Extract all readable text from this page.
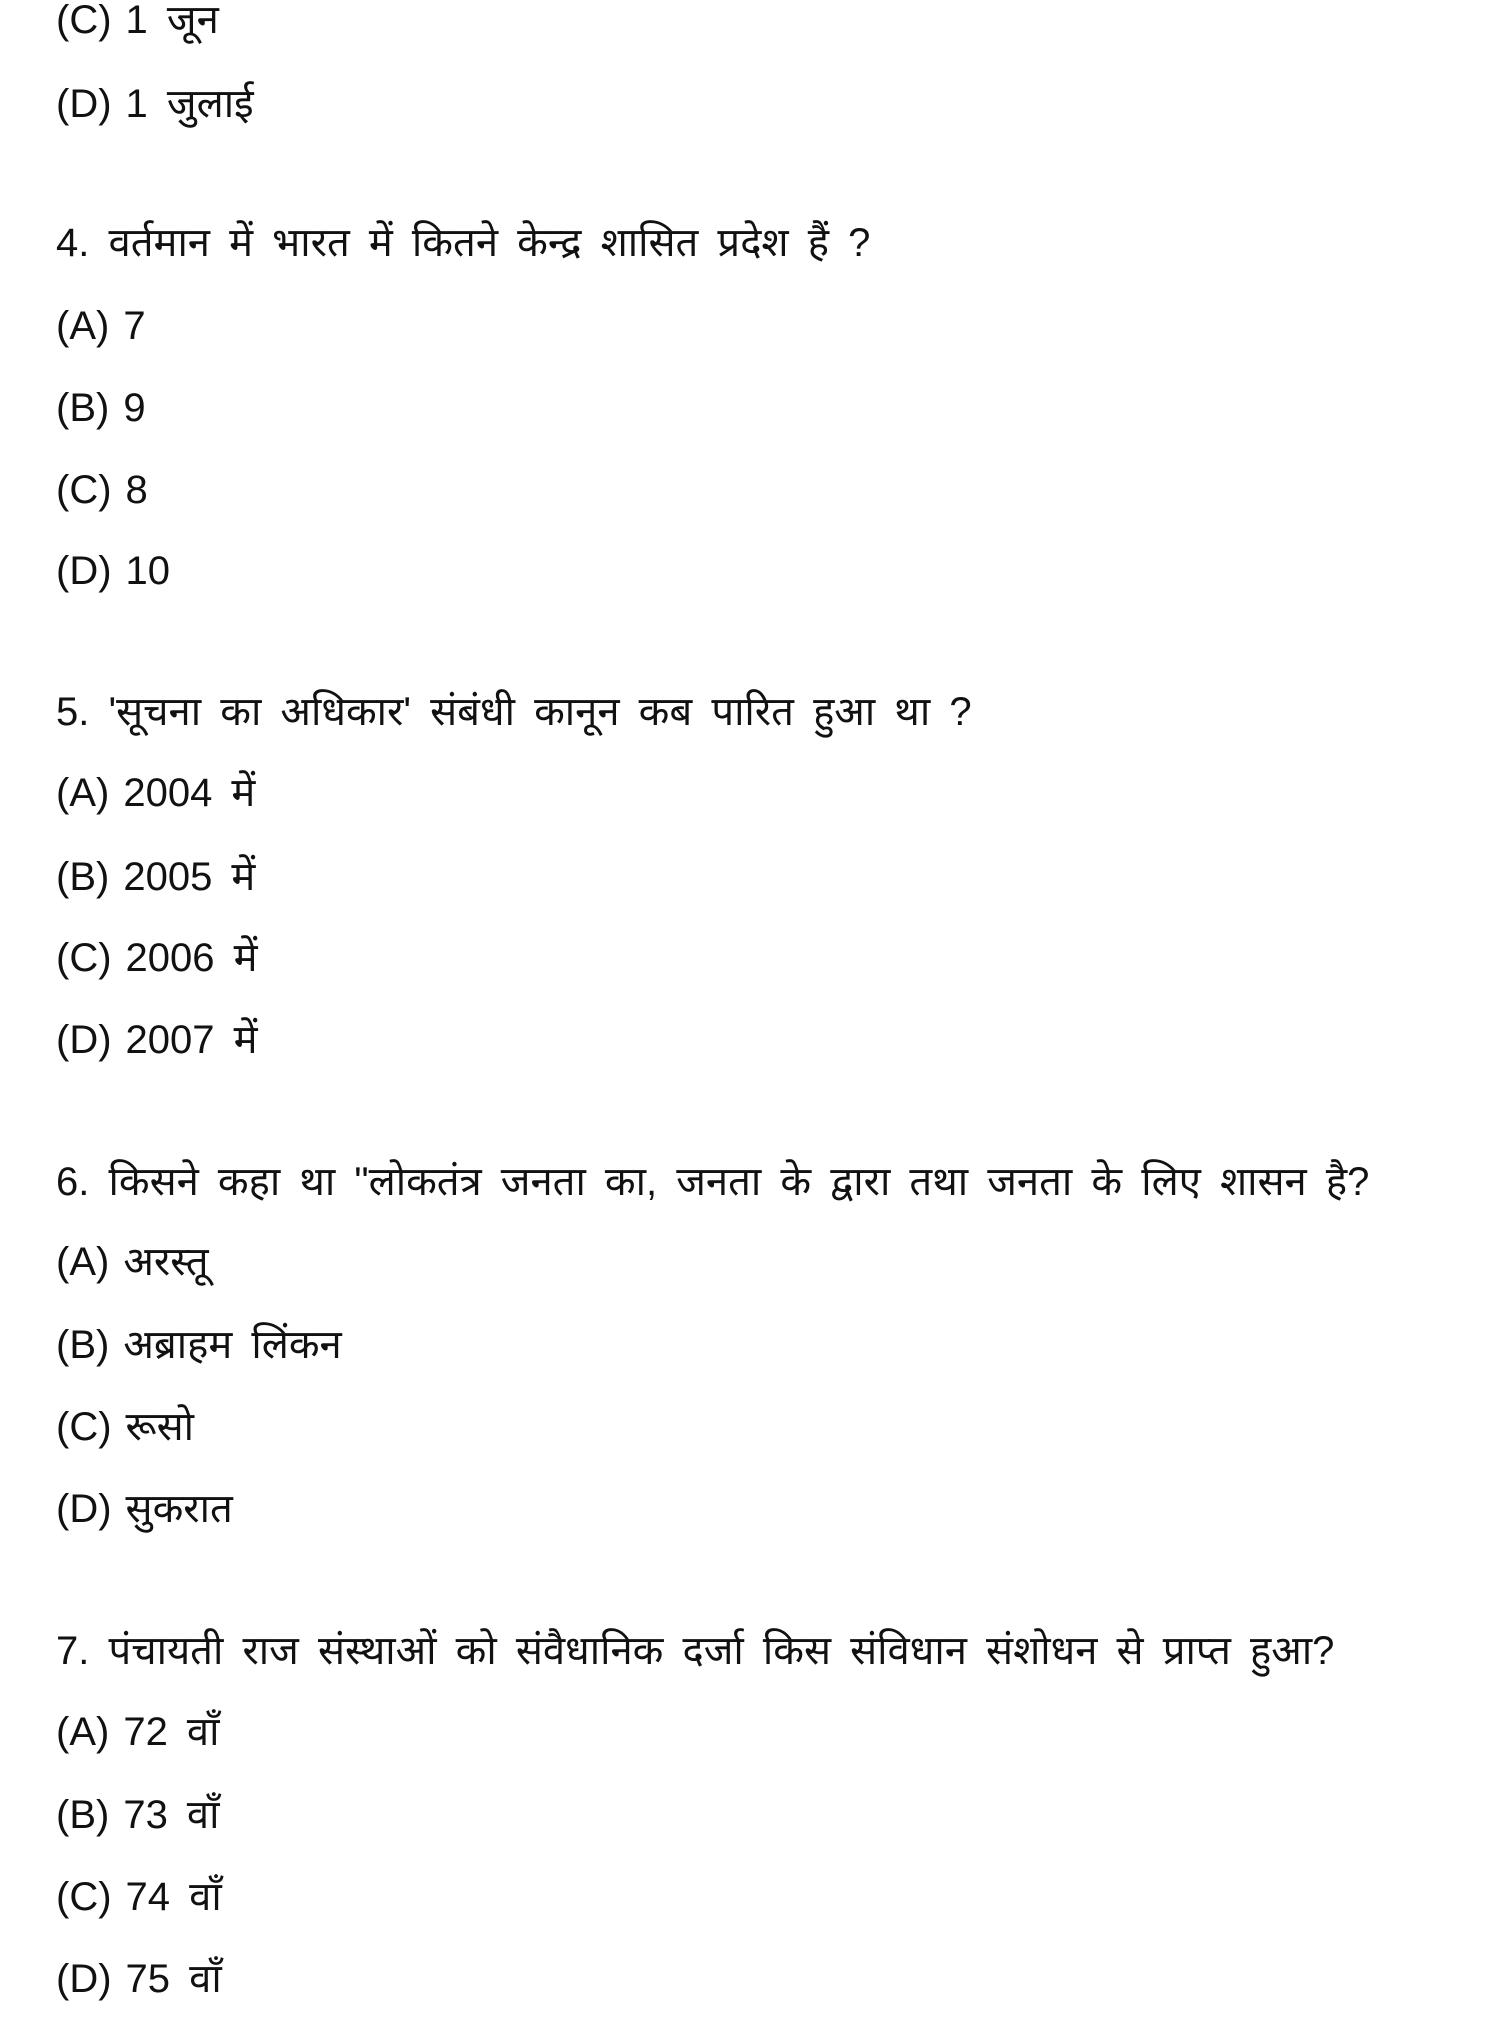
(C) 1 जून
(D) 1 जुलाई
4. वर्तमान में भारत में कितने केन्द्र शासित प्रदेश हैं ?
(A) 7
(B) 9
(C) 8
(D) 10
5. 'सूचना का अधिकार' संबंधी कानून कब पारित हुआ था ?
(A) 2004 में
(B) 2005 में
(C) 2006 में
(D) 2007 में
6. किसने कहा था "लोकतंत्र जनता का, जनता के द्वारा तथा जनता के लिए शासन है?
(A) अरस्तू
(B) अब्राहम लिंकन
(C) रूसो
(D) सुकरात
7. पंचायती राज संस्थाओं को संवैधानिक दर्जा किस संविधान संशोधन से प्राप्त हुआ?
(A) 72 वाँ
(B) 73 वाँ
(C) 74 वाँ
(D) 75 वाँ
